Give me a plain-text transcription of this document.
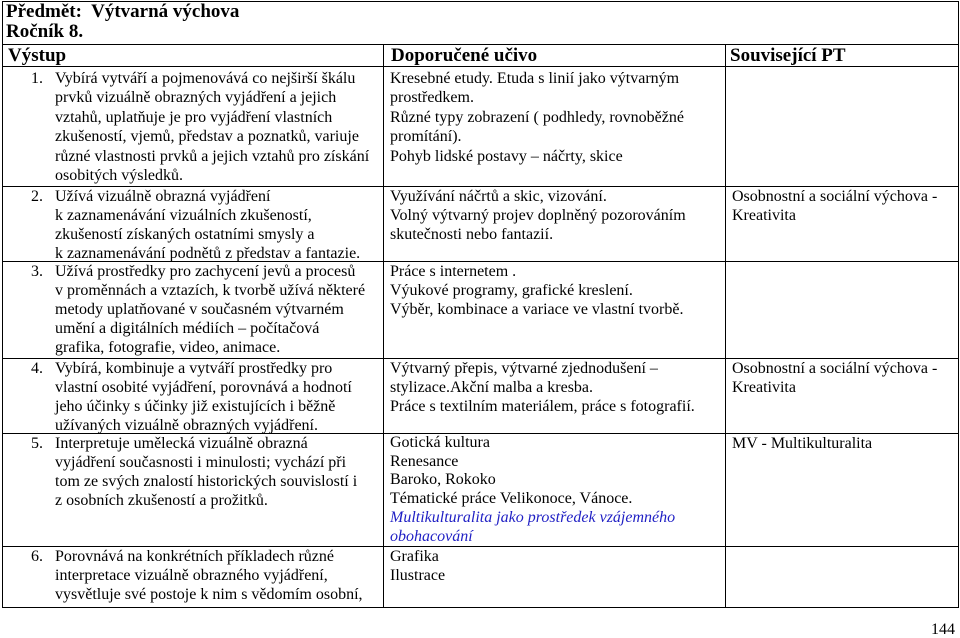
Předmět:  Výtvarná výchova
Ročník 8.
Výstup	Doporučené učivo	Související PT
1. Vybírá vytváří a pojmenovává co nejširší škálu
prvků vizuálně obrazných vyjádření a jejich
vztahů, uplatňuje je pro vyjádření vlastních
zkušeností, vjemů, představ a poznatků, variuje
různé vlastnosti prvků a jejich vztahů pro získání
osobitých výsledků.
Kresebné etudy. Etuda s linií jako výtvarným
prostředkem.
Různé typy zobrazení ( podhledy, rovnoběžné
promítání).
Pohyb lidské postavy – náčrty, skice
2. Užívá vizuálně obrazná vyjádření
k zaznamenávání vizuálních zkušeností,
zkušeností získaných ostatními smysly a
k zaznamenávání podnětů z představ a fantazie.
Využívání náčrtů a skic, vizování.
Volný výtvarný projev doplněný pozorováním
skutečnosti nebo fantazií.
Osobnostní a sociální výchova -
Kreativita
3. Užívá prostředky pro zachycení jevů a procesů
v proměnnách a vztazích, k tvorbě užívá některé
metody uplatňované v současném výtvarném
umění a digitálních médiích – počítačová
grafika, fotografie, video, animace.
Práce s internetem .
Výukové programy, grafické kreslení.
Výběr, kombinace a variace ve vlastní tvorbě.
4. Vybírá, kombinuje a vytváří prostředky pro
vlastní osobité vyjádření, porovnává a hodnotí
jeho účinky s účinky již existujících i běžně
užívaných vizuálně obrazných vyjádření.
Výtvarný přepis, výtvarné zjednodušení –
stylizace.Akční malba a kresba.
Práce s textilním materiálem, práce s fotografií.
Osobnostní a sociální výchova -
Kreativita
5. Interpretuje umělecká vizuálně obrazná
vyjádření současnosti i minulosti; vychází při
tom ze svých znalostí historických souvislostí i
z osobních zkušeností a prožitků.
Gotická kultura
Renesance
Baroko, Rokoko
Tématické práce Velikonoce, Vánoce.
Multikulturalita jako prostředek vzájemného
obohacování
MV - Multikulturalita
6. Porovnává na konkrétních příkladech různé
interpretace vizuálně obrazného vyjádření,
vysvětluje své postoje k nim s vědomím osobní,
Grafika
Ilustrace
144
